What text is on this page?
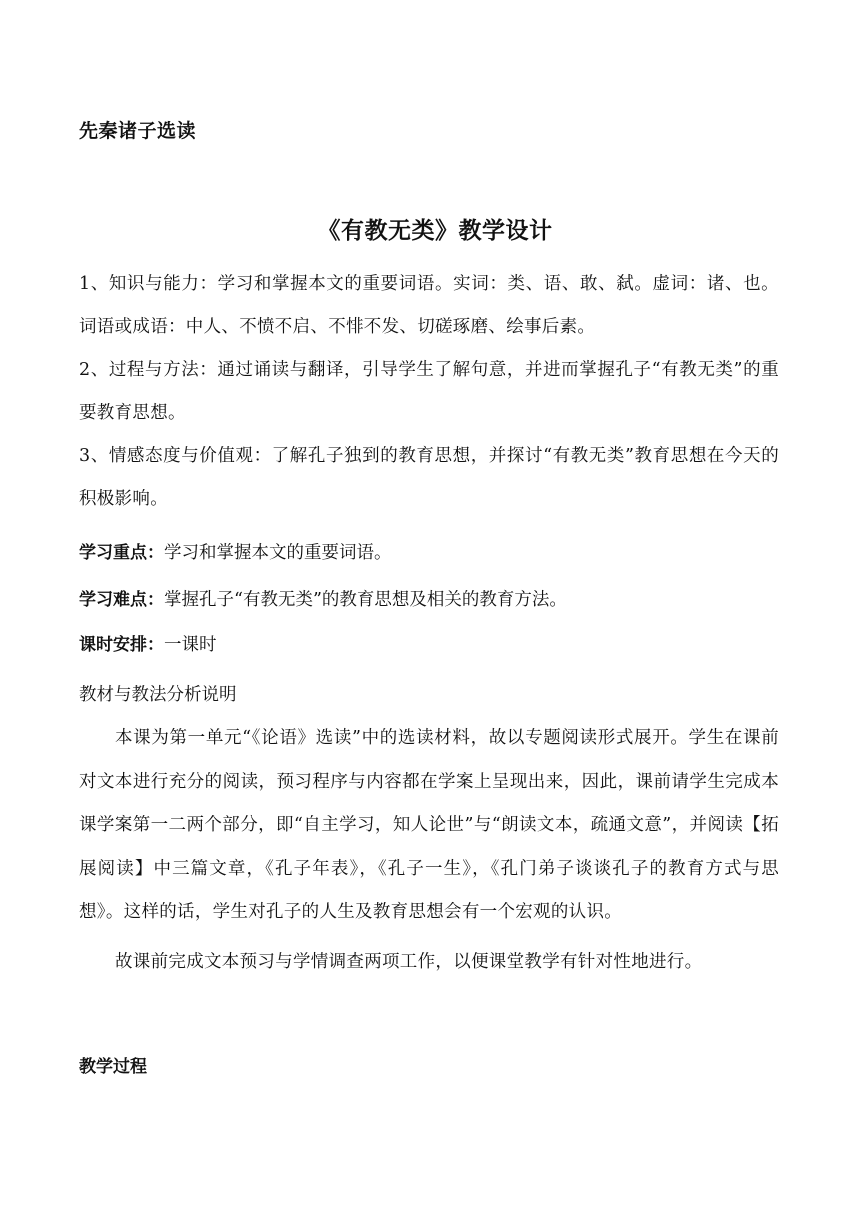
先秦诸子选读
《有教无类》教学设计

1、知识与能力：学习和掌握本文的重要词语。实词：类、语、敢、弑。虚词：诸、也。词语或成语：中人、不愤不启、不悱不发、切磋琢磨、绘事后素。

2、过程与方法：通过诵读与翻译，引导学生了解句意，并进而掌握孔子“有教无类”的重要教育思想。

3、情感态度与价值观：了解孔子独到的教育思想，并探讨“有教无类”教育思想在今天的积极影响。

学习重点：学习和掌握本文的重要词语。
学习难点：掌握孔子“有教无类”的教育思想及相关的教育方法。
课时安排：一课时
教材与教法分析说明

本课为第一单元“《论语》选读”中的选读材料，故以专题阅读形式展开。学生在课前对文本进行充分的阅读，预习程序与内容都在学案上呈现出来，因此，课前请学生完成本课学案第一二两个部分，即“自主学习，知人论世”与“朗读文本，疏通文意”，并阅读【拓展阅读】中三篇文章，《孔子年表》，《孔子一生》，《孔门弟子谈谈孔子的教育方式与思想》。这样的话，学生对孔子的人生及教育思想会有一个宏观的认识。

故课前完成文本预习与学情调查两项工作，以便课堂教学有针对性地进行。

教学过程
